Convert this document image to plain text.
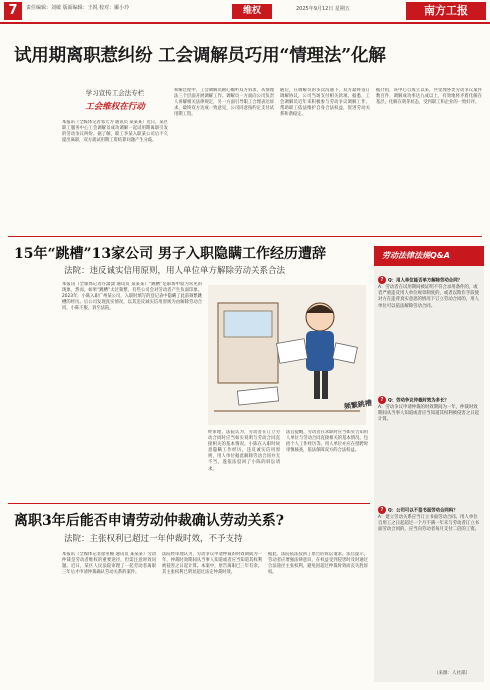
7	责任编辑：刘敏 版面编辑：王锐 校对：郦小玲	维权	2025年9月12日 星期五	南方工报
试用期离职惹纠纷 工会调解员巧用“情理法”化解
学习宣传工会法专栏
工会维权在行动
本报讯（全媒体记者邹大为 通讯员 某某某）近日，某区职工服务中心工会调解员成功调解一起试用期离职引发的劳动争议纠纷。据了解，职工李某入职某公司后不久提出离职，双方就试用期工资结算问题产生分歧。
和解过程中，工会调解员耐心倾听双方诉求，从情理法三个层面开展调解工作。调解员一方面向公司负责人讲解相关法律规定，另一方面引导职工合理表达诉求，最终双方达成一致意见，公司同意按约定支付试用期工资。
随后，在调解员的多次沟通下，双方最终签订调解协议，公司当场支付相关款项。据悉，工会调解员近年来积极参与劳动争议调解工作，帮助职工依法维护自身合法权益，促进劳动关系和谐稳定。
据介绍，该中心自成立以来，共受理各类劳动争议案件数百件，调解成功率达九成以上，有效地将矛盾化解在基层，化解在萌芽状态，受到职工和企业的一致好评。
15年“跳槽”13家公司 男子入职隐瞒工作经历遭辞
法院：违反诚实信用原则，用人单位单方解除劳动关系合法
本报讯（全媒体记者许潇潇 通讯员 某某某）“跳槽”是职场中较为常见的现象，然而，如果“跳槽”太过频繁，有些公司会对劳动者产生负面印象。2023年，小陈入职广州某公司，入职时填写的登记表中隐瞒了此前频繁跳槽的经历。后公司发现真实情况，以其违反诚实信用原则为由解除劳动合同。小陈不服，诉至法院。
经审理，法院认为，劳动者在订立劳动合同时应当如实说明与劳动合同直接相关的基本情况。小陈在入职时故意隐瞒工作经历，违反诚实信用原则，用人单位据此解除劳动合同并无不当，遂依法驳回了小陈的诉讼请求。
法官提醒，劳动者在求职时应当如实告知用人单位与劳动合同直接相关的基本情况，包括个人工作经历等。用人单位亦应在招聘时审慎核查，依法保障双方的合法权益。
频繁跳槽
离职3年后能否申请劳动仲裁确认劳动关系?
法院：主张权利已超过一年仲裁时效，不予支持
本报讯（全媒体记者徐亚楠 通讯员 某某某）劳动仲裁是劳动者维权的重要途径，但需注意时效问题。近日，某区人民法院审理了一起劳动者离职三年后才申请仲裁确认劳动关系的案件。
法院经审理认为，劳动争议申请仲裁的时效期间为一年，仲裁时效期间从当事人知道或者应当知道其权利被侵害之日起计算。本案中，原告离职已三年有余，其主张权利已明显超过法定仲裁时效。
据此，法院依法驳回了原告的诉讼请求。法官提示，劳动者应增强法律意识，在权益受到侵害时及时通过合法途径主张权利，避免因超过仲裁时效而丧失胜诉权。
劳动法律法规Q&A
? Q：用人单位能否单方解除劳动合同？
A：劳动者在试用期间被证明不符合录用条件的，或者严重违反用人单位规章制度的，或者以欺诈手段使对方在违背真实意思的情况下订立劳动合同的，用人单位可以依法解除劳动合同。
? Q：劳动争议仲裁时效为多长？
A：劳动争议申请仲裁的时效期间为一年，仲裁时效期间从当事人知道或者应当知道其权利被侵害之日起计算。
? Q：公司可以不签书面劳动合同吗？
A：建立劳动关系应当订立书面劳动合同。用人单位自用工之日起超过一个月不满一年未与劳动者订立书面劳动合同的，应当向劳动者每月支付二倍的工资。
（来源：人社部）
